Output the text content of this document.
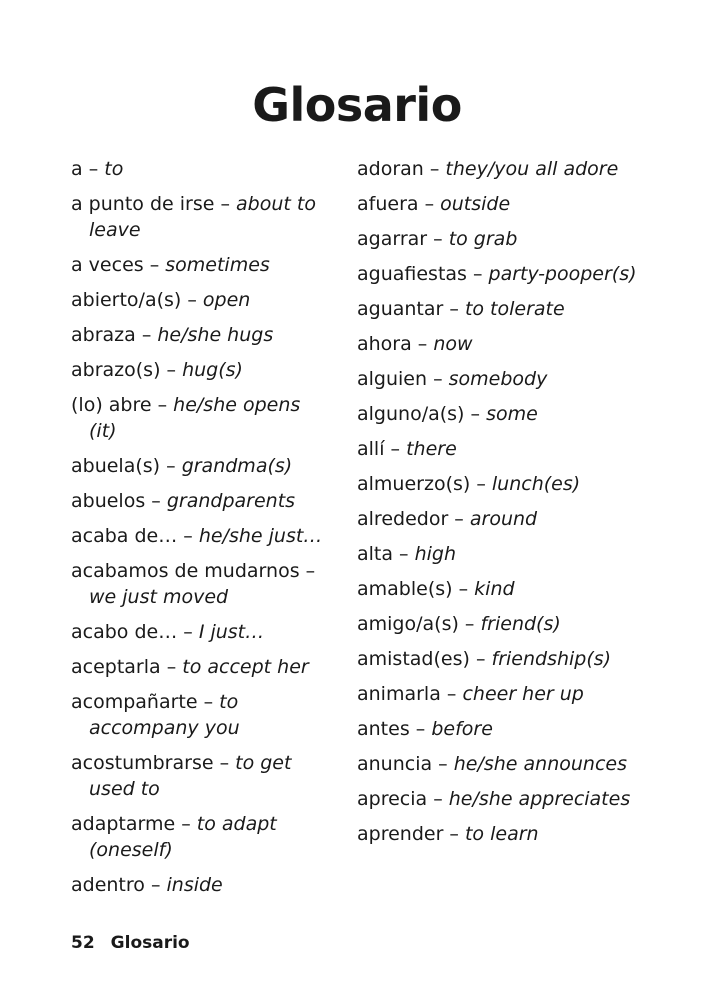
Glosario
a – to
a punto de irse – about to leave
a veces – sometimes
abierto/a(s) – open
abraza – he/she hugs
abrazo(s) – hug(s)
(lo) abre – he/she opens (it)
abuela(s) – grandma(s)
abuelos – grandparents
acaba de… – he/she just…
acabamos de mudarnos – we just moved
acabo de… – I just…
aceptarla – to accept her
acompañarte – to accompany you
acostumbrarse – to get used to
adaptarme – to adapt (oneself)
adentro – inside
adoran – they/you all adore
afuera – outside
agarrar – to grab
aguafiestas – party-pooper(s)
aguantar – to tolerate
ahora – now
alguien – somebody
alguno/a(s) – some
allí – there
almuerzo(s) – lunch(es)
alrededor – around
alta – high
amable(s) – kind
amigo/a(s) – friend(s)
amistad(es) – friendship(s)
animarla – cheer her up
antes – before
anuncia – he/she announces
aprecia – he/she appreciates
aprender – to learn
52 Glosario
